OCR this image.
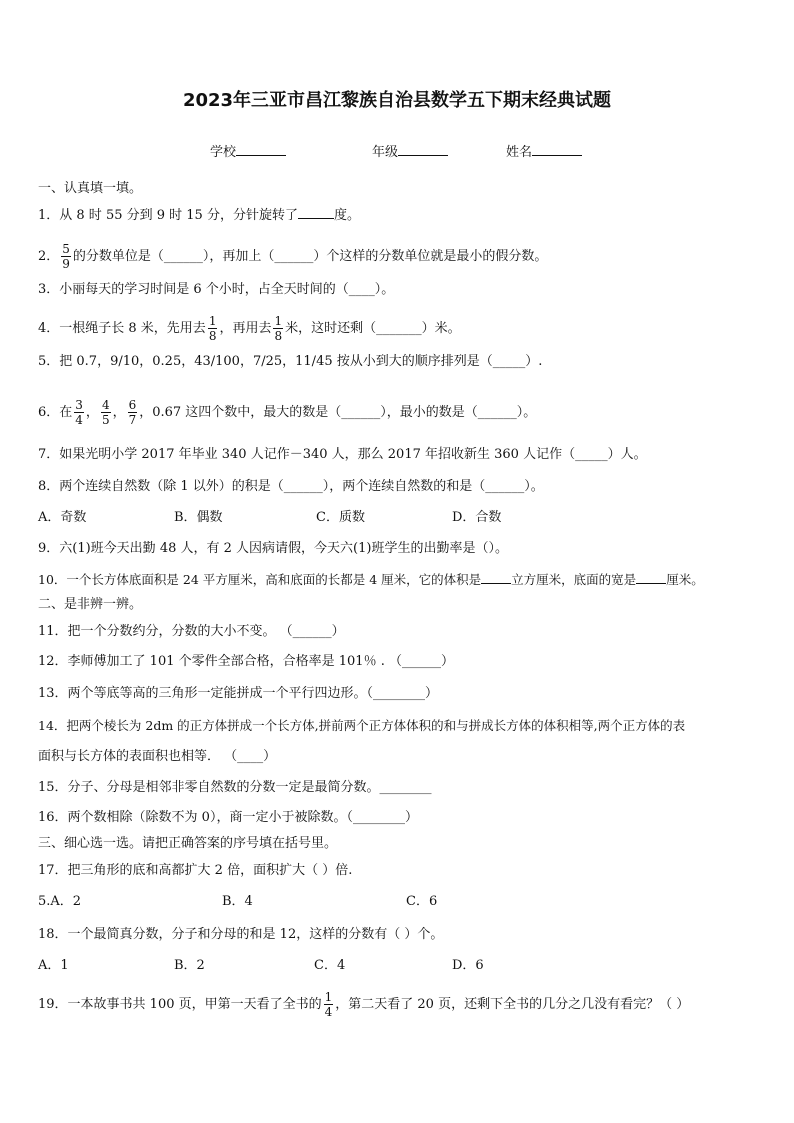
2023年三亚市昌江黎族自治县数学五下期末经典试题
学校	年级	姓名
一、认真填一填。
1．从 8 时 55 分到 9 时 15 分，分针旋转了	度。
2． $\frac{5}{9}$ 的分数单位是（______），再加上（______）个这样的分数单位就是最小的假分数。
3．小丽每天的学习时间是 6 个小时，占全天时间的（____）。
4．一根绳子长 8 米，先用去 $\frac{1}{8}$ ，再用去 $\frac{1}{8}$ 米，这时还剩（_______）米。
5．把 0.7，9/10，0.25，43/100，7/25，11/45 按从小到大的顺序排列是（_____）.
6．在 $\frac{3}{4}$ ， $\frac{4}{5}$ ， $\frac{6}{7}$ ，0.67 这四个数中，最大的数是（______），最小的数是（______）。
7．如果光明小学 2017 年毕业 340 人记作－340 人，那么 2017 年招收新生 360 人记作（_____）人。
8．两个连续自然数（除 1 以外）的积是（______），两个连续自然数的和是（______）。
A．奇数	B．偶数	C．质数	D．合数
9．六(1)班今天出勤 48 人，有 2 人因病请假，今天六(1)班学生的出勤率是（）。
10．一个长方体底面积是 24 平方厘米，高和底面的长都是 4 厘米，它的体积是 立方厘米，底面的宽是 厘米。
二、是非辨一辨。
11．把一个分数约分，分数的大小不变。 （______）
12．李师傅加工了 101 个零件全部合格，合格率是 101％ . （______）
13．两个等底等高的三角形一定能拼成一个平行四边形。（________）
14．把两个棱长为 2dm 的正方体拼成一个长方体,拼前两个正方体体积的和与拼成长方体的体积相等,两个正方体的表
面积与长方体的表面积也相等． （____）
15．分子、分母是相邻非零自然数的分数一定是最简分数。________
16．两个数相除（除数不为 0），商一定小于被除数。（________）
三、细心选一选。请把正确答案的序号填在括号里。
17．把三角形的底和高都扩大 2 倍，面积扩大（ ）倍.
5.A．2	B．4	C．6
18．一个最简真分数，分子和分母的和是 12，这样的分数有（ ）个。
A．1	B．2	C．4	D．6
19．一本故事书共 100 页，甲第一天看了全书的 $\frac{1}{4}$ ，第二天看了 20 页，还剩下全书的几分之几没有看完？（ ）
